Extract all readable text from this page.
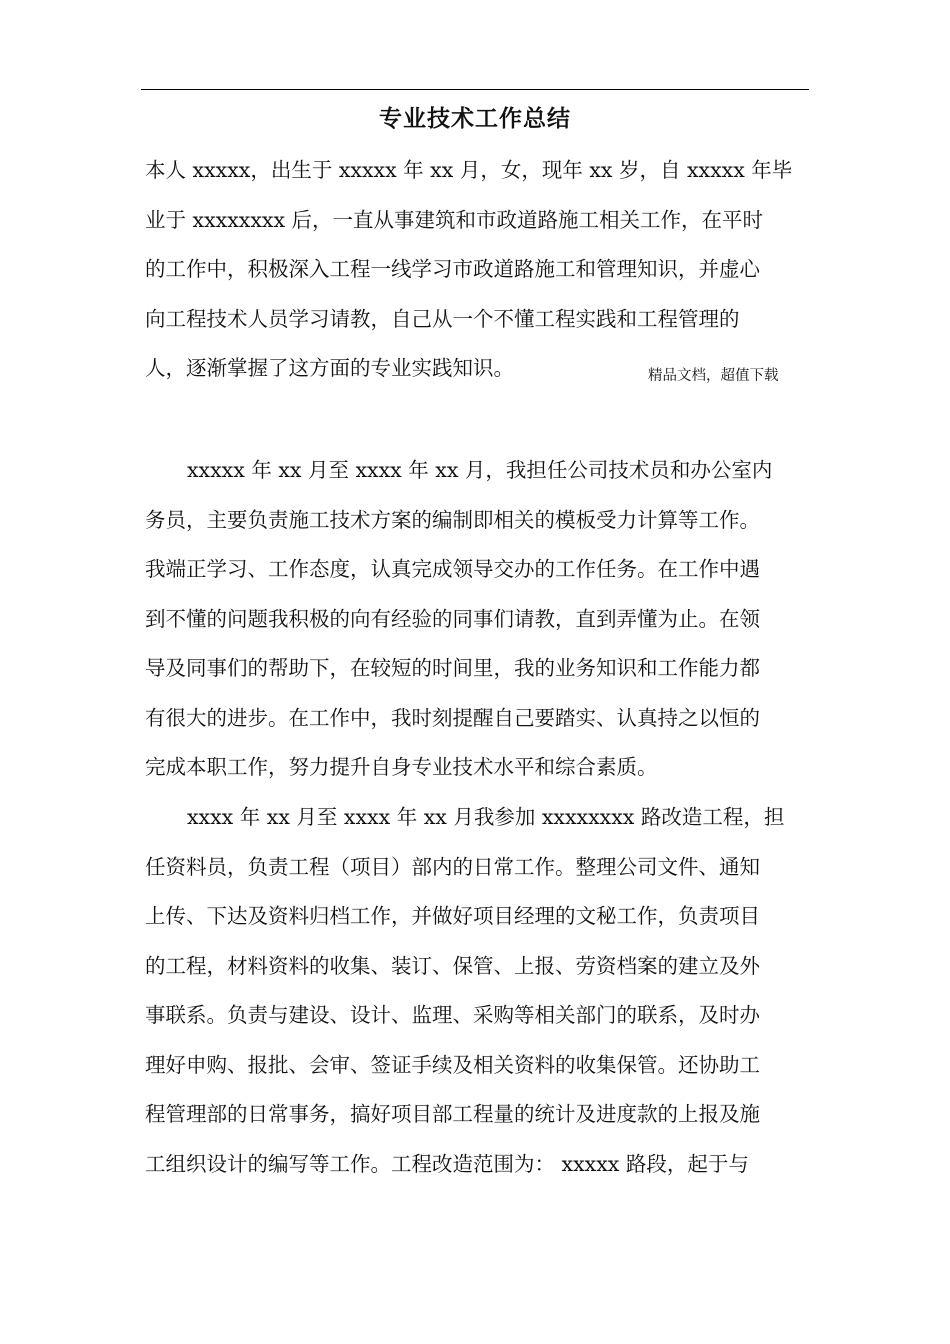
专业技术工作总结
本人 xxxxx，出生于 xxxxx 年 xx 月，女，现年 xx 岁，自 xxxxx 年毕
业于 xxxxxxxx 后，一直从事建筑和市政道路施工相关工作，在平时
的工作中，积极深入工程一线学习市政道路施工和管理知识，并虚心
向工程技术人员学习请教，自己从一个不懂工程实践和工程管理的
人，逐渐掌握了这方面的专业实践知识。	精品文档，超值下载
xxxxx 年 xx 月至 xxxx 年 xx 月，我担任公司技术员和办公室内
务员，主要负责施工技术方案的编制即相关的模板受力计算等工作。
我端正学习、工作态度，认真完成领导交办的工作任务。在工作中遇
到不懂的问题我积极的向有经验的同事们请教，直到弄懂为止。在领
导及同事们的帮助下，在较短的时间里，我的业务知识和工作能力都
有很大的进步。在工作中，我时刻提醒自己要踏实、认真持之以恒的
完成本职工作，努力提升自身专业技术水平和综合素质。
xxxx 年 xx 月至 xxxx 年 xx 月我参加 xxxxxxxx 路改造工程，担
任资料员，负责工程（项目）部内的日常工作。整理公司文件、通知
上传、下达及资料归档工作，并做好项目经理的文秘工作，负责项目
的工程，材料资料的收集、装订、保管、上报、劳资档案的建立及外
事联系。负责与建设、设计、监理、采购等相关部门的联系，及时办
理好申购、报批、会审、签证手续及相关资料的收集保管。还协助工
程管理部的日常事务，搞好项目部工程量的统计及进度款的上报及施
工组织设计的编写等工作。工程改造范围为： xxxxx 路段，起于与
